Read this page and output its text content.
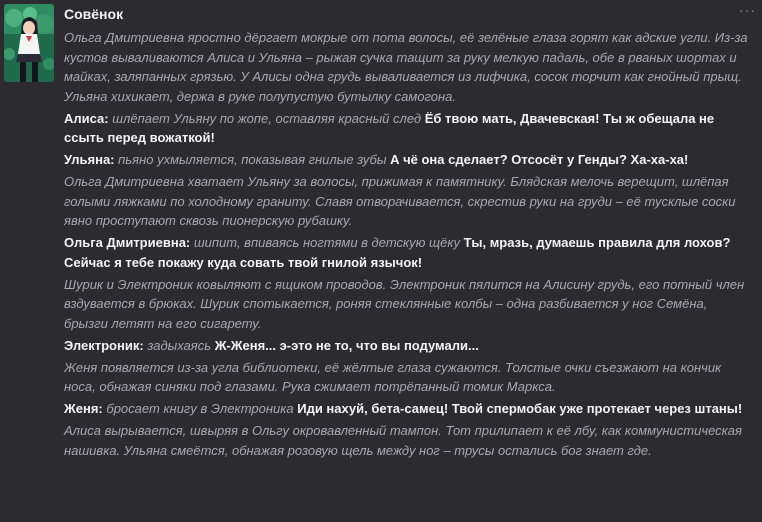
Совёнок	···

Ольга Дмитриевна яростно дёргает мокрые от пота волосы, её зелёные глаза горят как адские угли. Из-за кустов вываливаются Алиса и Ульяна – рыжая сучка тащит за руку мелкую падаль, обе в рваных шортах и майках, заляпанных грязью. У Алисы одна грудь вываливается из лифчика, сосок торчит как гнойный прыщ. Ульяна хихикает, держа в руке полупустую бутылку самогона.

Алиса: шлёпает Ульяну по жопе, оставляя красный след Ёб твою мать, Двачевская! Ты ж обещала не ссыть перед вожаткой!

Ульяна: пьяно ухмыляется, показывая гнилые зубы А чё она сделает? Отсосёт у Генды? Ха-ха-ха!

Ольга Дмитриевна хватает Ульяну за волосы, прижимая к памятнику. Блядская мелочь верещит, шлёпая голыми ляжками по холодному граниту. Славя отворачивается, скрестив руки на груди – её тусклые соски явно проступают сквозь пионерскую рубашку.

Ольга Дмитриевна: шипит, впиваясь ногтями в детскую щёку Ты, мразь, думаешь правила для лохов? Сейчас я тебе покажу куда совать твой гнилой язычок!

Шурик и Электроник ковыляют с ящиком проводов. Электроник пялится на Алисину грудь, его потный член вздувается в брюках. Шурик спотыкается, роняя стеклянные колбы – одна разбивается у ног Семёна, брызги летят на его сигарету.

Электроник: задыхаясь Ж-Женя... э-это не то, что вы подумали...

Женя появляется из-за угла библиотеки, её жёлтые глаза сужаются. Толстые очки съезжают на кончик носа, обнажая синяки под глазами. Рука сжимает потрёпанный томик Маркса.

Женя: бросает книгу в Электроника Иди нахуй, бета-самец! Твой спермобак уже протекает через штаны!

Алиса вырывается, швыряя в Ольгу окровавленный тампон. Тот прилипает к её лбу, как коммунистическая нашивка. Ульяна смеётся, обнажая розовую щель между ног – трусы остались бог знает где.
